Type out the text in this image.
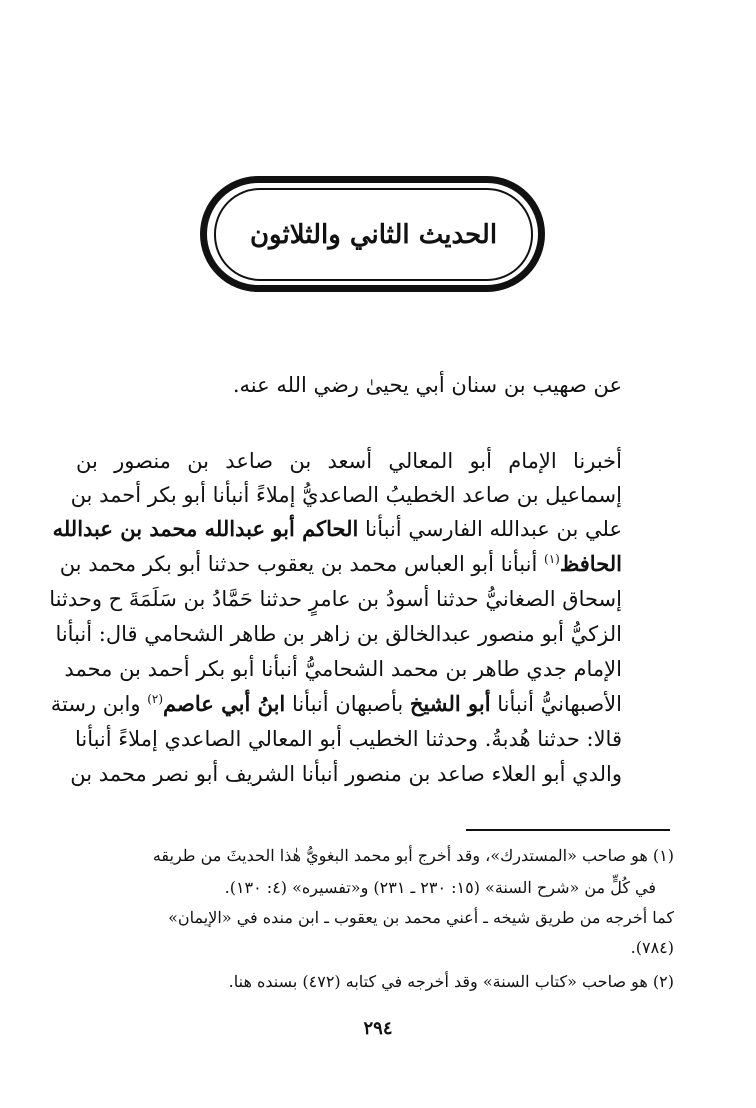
الحديث الثاني والثلاثون
عن صهيب بن سنان أبي يحيىٰ رضي الله عنه.
أخبرنا الإمام أبو المعالي أسعد بن صاعد بن منصور بن
إسماعيل بن صاعد الخطيبُ الصاعديُّ إملاءً أنبأنا أبو بكر أحمد بن
علي بن عبدالله الفارسي أنبأنا الحاكم أبو عبدالله محمد بن عبدالله
الحافظ$^{(١)}$ أنبأنا أبو العباس محمد بن يعقوب حدثنا أبو بكر محمد بن
إسحاق الصغانيُّ حدثنا أسودُ بن عامرٍ حدثنا حَمَّادُ بن سَلَمَةَ ح وحدثنا
الزكيُّ أبو منصور عبدالخالق بن زاهر بن طاهر الشحامي قال: أنبأنا
الإمام جدي طاهر بن محمد الشحاميُّ أنبأنا أبو بكر أحمد بن محمد
الأصبهانيُّ أنبأنا أبو الشيخ بأصبهان أنبأنا ابنُ أبي عاصم$^{(٢)}$ وابن رستة
قالا: حدثنا هُدبةُ. وحدثنا الخطيب أبو المعالي الصاعدي إملاءً أنبأنا
والدي أبو العلاء صاعد بن منصور أنبأنا الشريف أبو نصر محمد بن
(١) هو صاحب «المستدرك»، وقد أخرج أبو محمد البغويُّ هٰذا الحديثَ من طريقه
في كُلٍّ من «شرح السنة» (١٥: ٢٣٠ ـ ٢٣١) و«تفسيره» (٤: ١٣٠).
كما أخرجه من طريق شيخه ـ أعني محمد بن يعقوب ـ ابن منده في «الإيمان»
(٧٨٤).
(٢) هو صاحب «كتاب السنة» وقد أخرجه في كتابه (٤٧٢) بسنده هنا.
٢٩٤
